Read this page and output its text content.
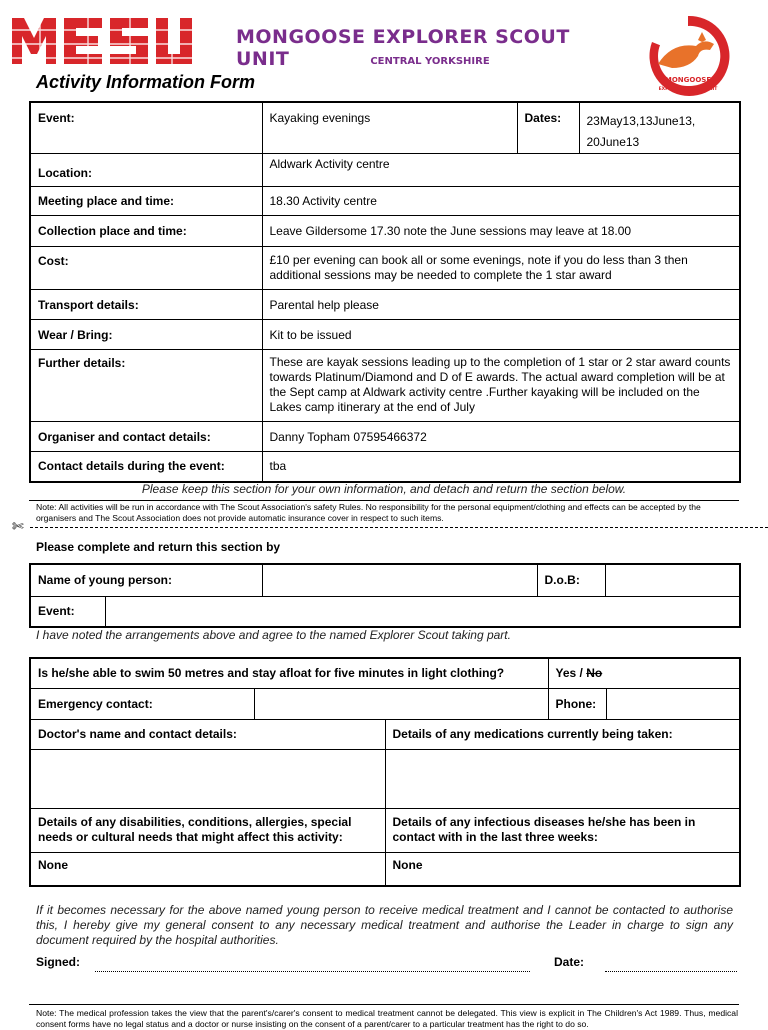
MONGOOSE EXPLORER SCOUT UNIT	CENTRAL YORKSHIRE
MONGOOSE
EXPLORER SCOUT UNIT
Activity Information Form
Event:	Kayaking evenings	Dates:	23May13,13June13,
20June13
Location:	Aldwark Activity centre		
Meeting place and time:	18.30 Activity centre		
Collection place and time:	Leave Gildersome 17.30 note the June sessions may leave at 18.00		
Cost:	£10 per evening can book all or some evenings, note if you do less than 3 then additional sessions may be needed to complete the 1 star award		
Transport details:	Parental help please		
Wear / Bring:	Kit to be issued		
Further details:	These are kayak sessions leading up to the completion of 1 star or 2 star award counts towards Platinum/Diamond and D of E awards. The actual award completion will be at the Sept camp at Aldwark activity centre .Further kayaking will be included on the Lakes camp itinerary at the end of July		
Organiser and contact details:	Danny Topham 07595466372		
Contact details during the event:	tba		
Please keep this section for your own information, and detach and return the section below.
Note: All activities will be run in accordance with The Scout Association's safety Rules. No responsibility for the personal equipment/clothing and effects can be accepted by the organisers and The Scout Association does not provide automatic insurance cover in respect to such items.
✄
Please complete and return this section by
Name of young person:			D.o.B:	
Event:				
I have noted the arrangements above and agree to the named Explorer Scout taking part.
Is he/she able to swim 50 metres and stay afloat for five minutes in light clothing?			Yes / No	
Emergency contact:			Phone:	
Doctor's name and contact details:		Details of any medications currently being taken:		

Details of any disabilities, conditions, allergies, special needs or cultural needs that might affect this activity:		Details of any infectious diseases he/she has been in contact with in the last three weeks:		
None		None		
If it becomes necessary for the above named young person to receive medical treatment and I cannot be contacted to authorise this, I hereby give my general consent to any necessary medical treatment and authorise the Leader in charge to sign any document required by the hospital authorities.
Signed:	Date:
Note: The medical profession takes the view that the parent's/carer's consent to medical treatment cannot be delegated. This view is explicit in The Children's Act 1989. Thus, medical consent forms have no legal status and a doctor or nurse insisting on the consent of a parent/carer to a particular treatment has the right to do so.
